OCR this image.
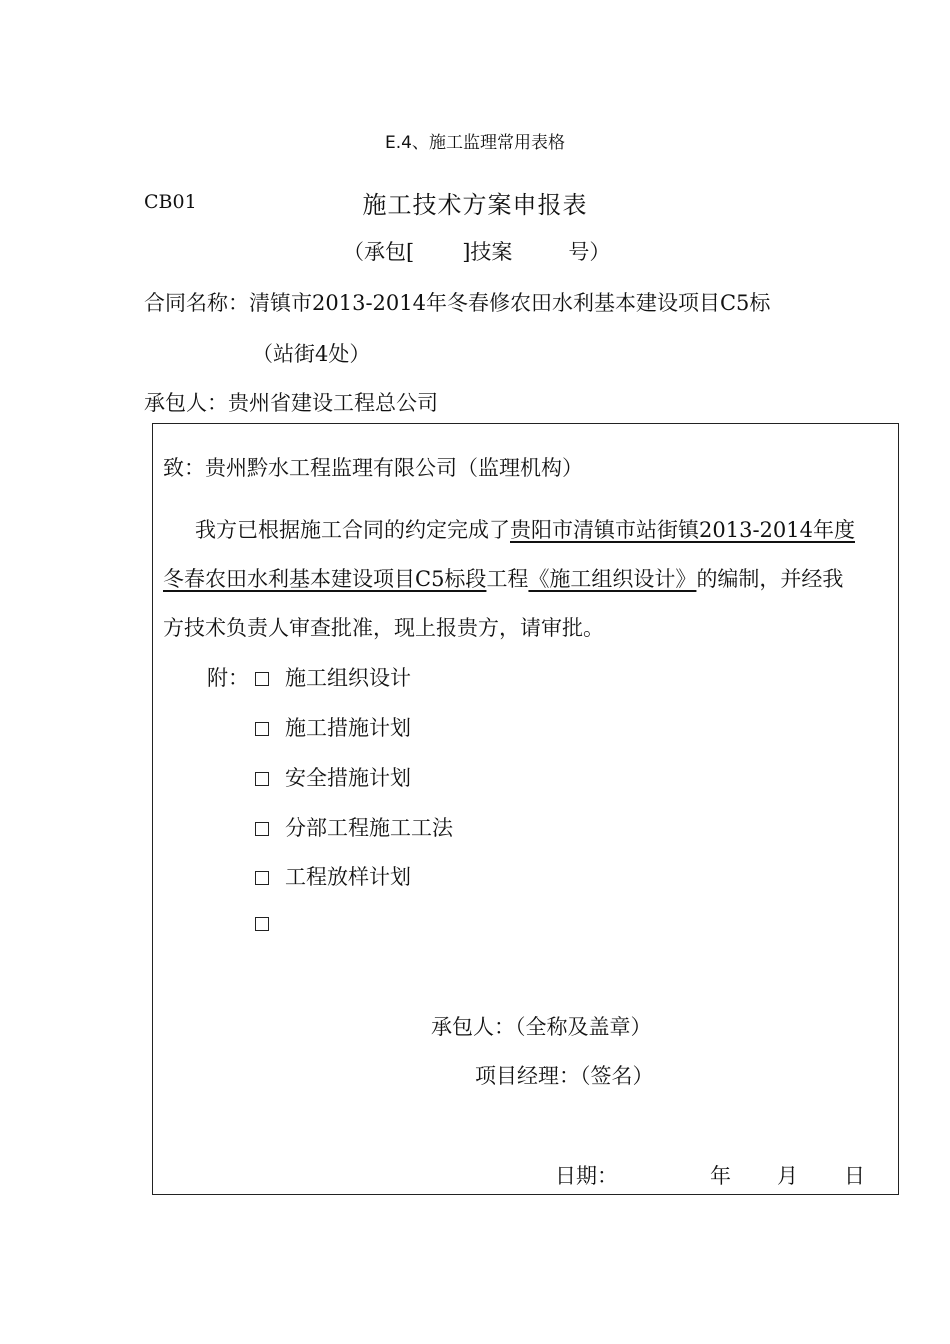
E.4、施工监理常用表格
CB01	施工技术方案申报表
（承包[ ]技案	号）
合同名称：清镇市2013-2014年冬春修农田水利基本建设项目C5标
（站街4处）
承包人：贵州省建设工程总公司
致：贵州黔水工程监理有限公司（监理机构）
我方已根据施工合同的约定完成了贵阳市清镇市站街镇2013-2014年度
冬春农田水利基本建设项目C5标段工程《施工组织设计》的编制，并经我
方技术负责人审查批准，现上报贵方，请审批。
附：	施工组织设计
施工措施计划
安全措施计划
分部工程施工工法
工程放样计划
承包人：（全称及盖章）
项目经理：（签名）
日期：	年 月 日
